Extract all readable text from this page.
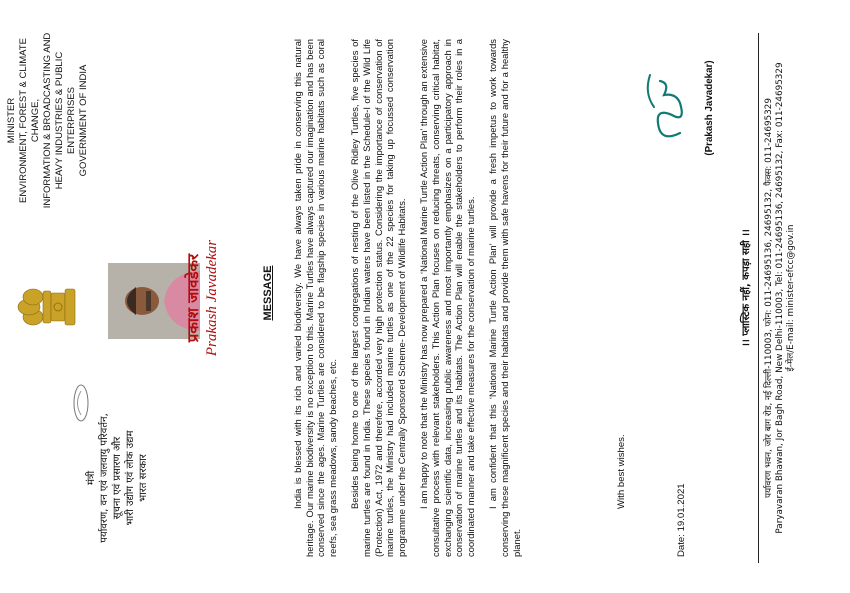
मंत्री पर्यावरण, वन एवं जलवायु परिवर्तन, सूचना एवं प्रसारण और भारी उद्योग एवं लोक उद्यम भारत सरकार
MINISTER ENVIRONMENT, FOREST & CLIMATE CHANGE, INFORMATION & BROADCASTING AND HEAVY INDUSTRIES & PUBLIC ENTERPRISES GOVERNMENT OF INDIA
प्रकाश जावडेकर Prakash Javadekar	MESSAGE India is blessed with its rich and varied biodiversity. We have always taken pride in conserving this natural heritage. Our marine biodiversity is no exception to this. Marine Turtles have always captured our imagination and has been conserved since the ages. Marine Turtles are considered to be flagship species in various marine habitats such as coral reefs, sea grass meadows, sandy beaches, etc. Besides being home to one of the largest congregations of nesting of the Olive Ridley Turtles, five species of marine turtles are found in India. These species found in Indian waters have been listed in the Schedule-I of the Wild Life (Protection) Act, 1972 and therefore, accorded very high protection status. Considering the importance of conservation of marine turtles, the Ministry had included marine turtles as one of the 22 species for taking up focussed conservation programme under the Centrally Sponsored Scheme- Development of Wildlife Habitats. I am happy to note that the Ministry has now prepared a ‘National Marine Turtle Action Plan’ through an extensive consultative process with relevant stakeholders. This Action Plan focuses on reducing threats, conserving critical habitat, exchanging scientific data, increasing public awareness and most importantly emphasizes on a participatory approach in conservation of marine turtles and its habitats. The Action Plan will enable the stakeholders to perform their roles in a coordinated manner and take effective measures for the conservation of marine turtles. I am confident that this ‘National Marine Turtle Action Plan’ will provide a fresh impetus to work towards conserving these magnificent species and their habitats and provide them with safe havens for their future and for a healthy planet.

With best wishes.
Date: 19.01.2021
(Prakash Javadekar)
।। प्लास्टिक नहीं, कपड़ा सही ।। पर्यावरण भवन, जोर बाग रोड, नई दिल्ली-110003, फोन: 011-24695136, 24695132, फैक्स: 011-24695329 Paryavaran Bhawan, Jor Bagh Road, New Delhi-110003, Tel: 011-24695136, 24695132, Fax: 011-24695329 ई-मेल/E-mail: minister-efcc@gov.in
